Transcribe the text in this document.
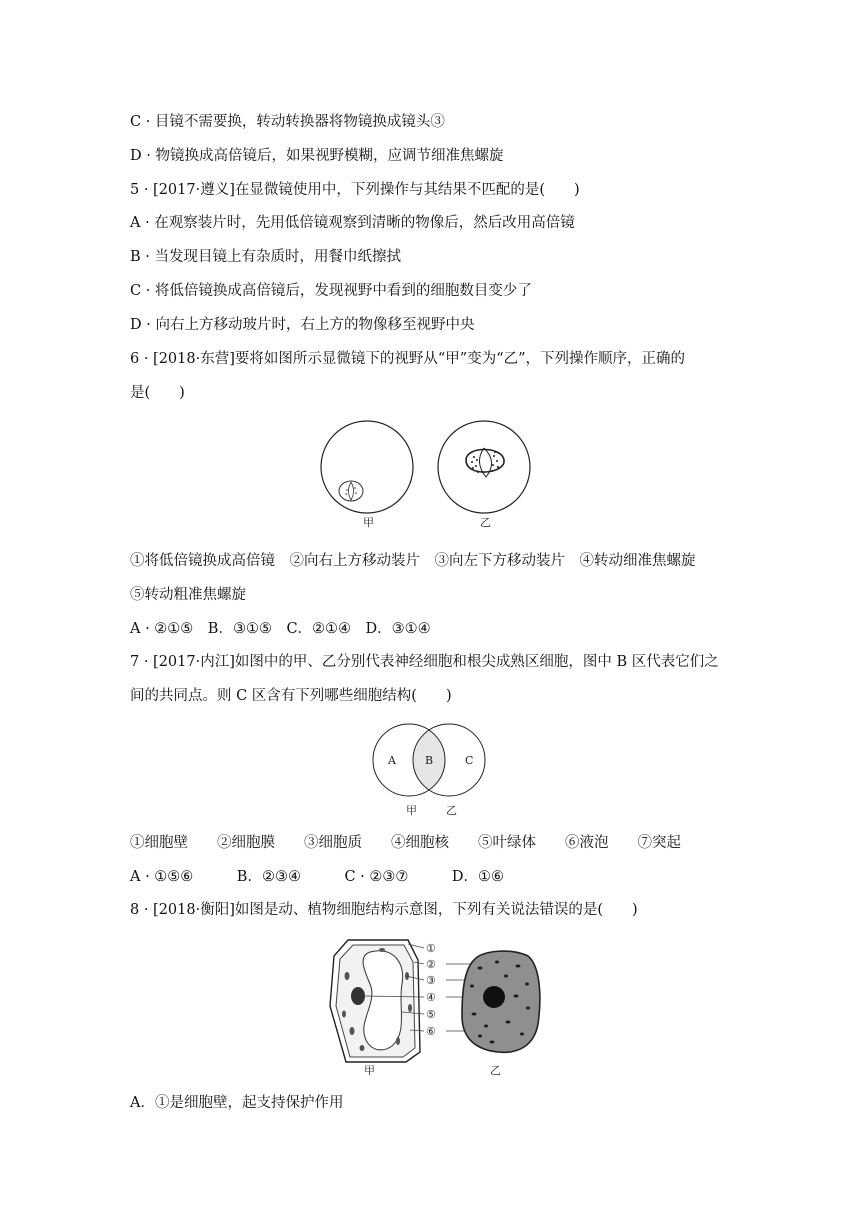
C · 目镜不需要换，转动转换器将物镜换成镜头③
D · 物镜换成高倍镜后，如果视野模糊，应调节细准焦螺旋
5 · [2017·遵义]在显微镜使用中，下列操作与其结果不匹配的是(　　)
A · 在观察装片时，先用低倍镜观察到清晰的物像后，然后改用高倍镜
B · 当发现目镜上有杂质时，用餐巾纸擦拭
C · 将低倍镜换成高倍镜后，发现视野中看到的细胞数目变少了
D · 向右上方移动玻片时，右上方的物像移至视野中央
6 · [2018·东营]要将如图所示显微镜下的视野从“甲”变为“乙”，下列操作顺序，正确的
是(　　)
甲	乙
①将低倍镜换成高倍镜　②向右上方移动装片　③向左下方移动装片　④转动细准焦螺旋
⑤转动粗准焦螺旋
A · ②①⑤　B．③①⑤　C．②①④　D．③①④
7 · [2017·内江]如图中的甲、乙分别代表神经细胞和根尖成熟区细胞，图中 B 区代表它们之
间的共同点。则 C 区含有下列哪些细胞结构(　　)
A	B	C
甲	乙
①细胞壁　　②细胞膜　　③细胞质　　④细胞核　　⑤叶绿体　　⑥液泡　　⑦突起
A · ①⑤⑥　　　B．②③④　　　C · ②③⑦　　　D．①⑥
8 · [2018·衡阳]如图是动、植物细胞结构示意图，下列有关说法错误的是(　　)
①
②
③
④
⑤
⑥
甲	乙
A．①是细胞壁，起支持保护作用
